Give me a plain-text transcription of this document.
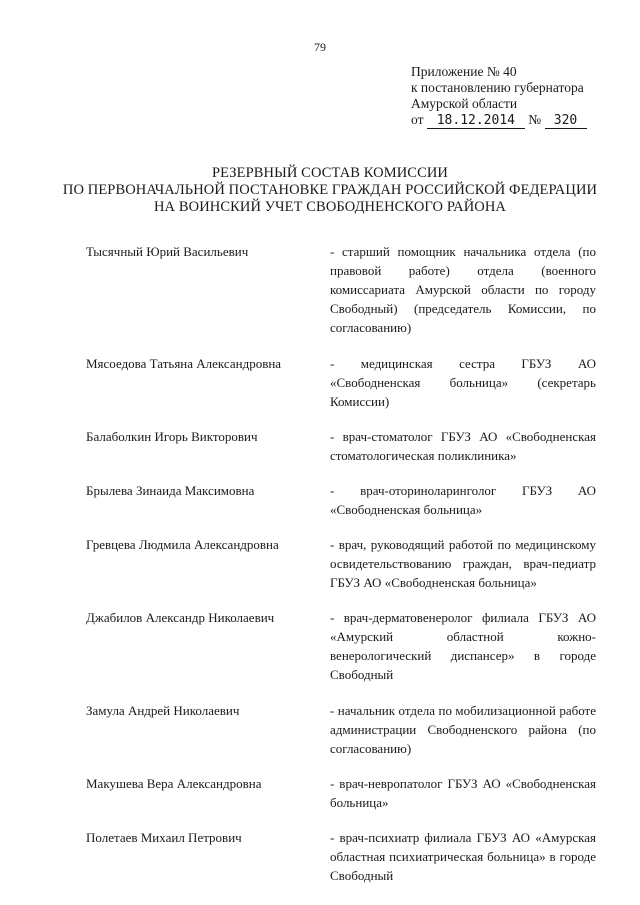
79
Приложение № 40
к постановлению губернатора
Амурской области
от 18.12.2014 № 320
РЕЗЕРВНЫЙ СОСТАВ КОМИССИИ
ПО ПЕРВОНАЧАЛЬНОЙ ПОСТАНОВКЕ ГРАЖДАН РОССИЙСКОЙ ФЕДЕРАЦИИ
НА ВОИНСКИЙ УЧЕТ СВОБОДНЕНСКОГО РАЙОНА
Тысячный Юрий Васильевич	- старший помощник начальника отдела (по правовой работе) отдела (военного комиссариата Амурской области по городу Свободный) (председатель Комиссии, по согласованию)
Мясоедова Татьяна Александровна	- медицинская сестра ГБУЗ АО «Свободненская больница» (секретарь Комиссии)
Балаболкин Игорь Викторович	- врач-стоматолог ГБУЗ АО «Свободненская стоматологическая поликлиника»
Брылева Зинаида Максимовна	- врач-оториноларинголог ГБУЗ АО «Свободненская больница»
Гревцева Людмила Александровна	- врач, руководящий работой по медицинскому освидетельствованию граждан, врач-педиатр ГБУЗ АО «Свободненская больница»
Джабилов Александр Николаевич	- врач-дерматовенеролог филиала ГБУЗ АО «Амурский областной кожно-венерологический диспансер» в городе Свободный
Замула Андрей Николаевич	- начальник отдела по мобилизационной работе администрации Свободненского района (по согласованию)
Макушева Вера Александровна	- врач-невропатолог ГБУЗ АО «Свободненская больница»
Полетаев Михаил Петрович	- врач-психиатр филиала ГБУЗ АО «Амурская областная психиатрическая больница» в городе Свободный
